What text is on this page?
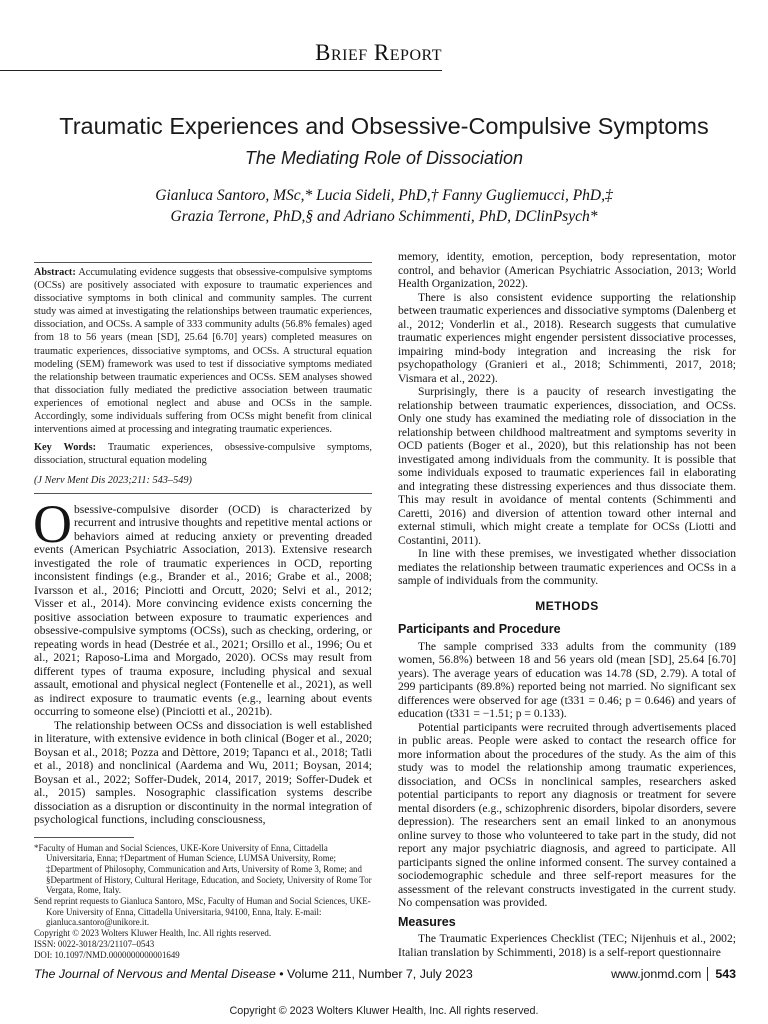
Brief Report
Traumatic Experiences and Obsessive-Compulsive Symptoms
The Mediating Role of Dissociation
Gianluca Santoro, MSc,* Lucia Sideli, PhD,† Fanny Gugliemucci, PhD,‡
Grazia Terrone, PhD,§ and Adriano Schimmenti, PhD, DClinPsych*

Abstract: Accumulating evidence suggests that obsessive-compulsive symptoms (OCSs) are positively associated with exposure to traumatic experiences and dissociative symptoms in both clinical and community samples. The current study was aimed at investigating the relationships between traumatic experiences, dissociation, and OCSs. A sample of 333 community adults (56.8% females) aged from 18 to 56 years (mean [SD], 25.64 [6.70] years) completed measures on traumatic experiences, dissociative symptoms, and OCSs. A structural equation modeling (SEM) framework was used to test if dissociative symptoms mediated the relationship between traumatic experiences and OCSs. SEM analyses showed that dissociation fully mediated the predictive association between traumatic experiences of emotional neglect and abuse and OCSs in the sample. Accordingly, some individuals suffering from OCSs might benefit from clinical interventions aimed at processing and integrating traumatic experiences.

Key Words: Traumatic experiences, obsessive-compulsive symptoms, dissociation, structural equation modeling

(J Nerv Ment Dis 2023;211: 543–549)

Obsessive-compulsive disorder (OCD) is characterized by recurrent and intrusive thoughts and repetitive mental actions or behaviors aimed at reducing anxiety or preventing dreaded events (American Psychiatric Association, 2013). Extensive research investigated the role of traumatic experiences in OCD, reporting inconsistent findings (e.g., Brander et al., 2016; Grabe et al., 2008; Ivarsson et al., 2016; Pinciotti and Orcutt, 2020; Selvi et al., 2012; Visser et al., 2014). More convincing evidence exists concerning the positive association between exposure to traumatic experiences and obsessive-compulsive symptoms (OCSs), such as checking, ordering, or repeating words in head (Destrée et al., 2021; Orsillo et al., 1996; Ou et al., 2021; Raposo-Lima and Morgado, 2020). OCSs may result from different types of trauma exposure, including physical and sexual assault, emotional and physical neglect (Fontenelle et al., 2021), as well as indirect exposure to traumatic events (e.g., learning about events occurring to someone else) (Pinciotti et al., 2021b).

The relationship between OCSs and dissociation is well established in literature, with extensive evidence in both clinical (Boger et al., 2020; Boysan et al., 2018; Pozza and Dèttore, 2019; Tapancı et al., 2018; Tatli et al., 2018) and nonclinical (Aardema and Wu, 2011; Boysan, 2014; Boysan et al., 2022; Soffer-Dudek, 2014, 2017, 2019; Soffer-Dudek et al., 2015) samples. Nosographic classification systems describe dissociation as a disruption or discontinuity in the normal integration of psychological functions, including consciousness,

*Faculty of Human and Social Sciences, UKE-Kore University of Enna, Cittadella Universitaria, Enna; †Department of Human Science, LUMSA University, Rome; ‡Department of Philosophy, Communication and Arts, University of Rome 3, Rome; and §Department of History, Cultural Heritage, Education, and Society, University of Rome Tor Vergata, Rome, Italy.
Send reprint requests to Gianluca Santoro, MSc, Faculty of Human and Social Sciences, UKE-Kore University of Enna, Cittadella Universitaria, 94100, Enna, Italy. E-mail: gianluca.santoro@unikore.it.
Copyright © 2023 Wolters Kluwer Health, Inc. All rights reserved.
ISSN: 0022-3018/23/21107–0543
DOI: 10.1097/NMD.0000000000001649

memory, identity, emotion, perception, body representation, motor control, and behavior (American Psychiatric Association, 2013; World Health Organization, 2022).

There is also consistent evidence supporting the relationship between traumatic experiences and dissociative symptoms (Dalenberg et al., 2012; Vonderlin et al., 2018). Research suggests that cumulative traumatic experiences might engender persistent dissociative processes, impairing mind-body integration and increasing the risk for psychopathology (Granieri et al., 2018; Schimmenti, 2017, 2018; Vismara et al., 2022).

Surprisingly, there is a paucity of research investigating the relationship between traumatic experiences, dissociation, and OCSs. Only one study has examined the mediating role of dissociation in the relationship between childhood maltreatment and symptoms severity in OCD patients (Boger et al., 2020), but this relationship has not been investigated among individuals from the community. It is possible that some individuals exposed to traumatic experiences fail in elaborating and integrating these distressing experiences and thus dissociate them. This may result in avoidance of mental contents (Schimmenti and Caretti, 2016) and diversion of attention toward other internal and external stimuli, which might create a template for OCSs (Liotti and Costantini, 2011).

In line with these premises, we investigated whether dissociation mediates the relationship between traumatic experiences and OCSs in a sample of individuals from the community.

METHODS
Participants and Procedure

The sample comprised 333 adults from the community (189 women, 56.8%) between 18 and 56 years old (mean [SD], 25.64 [6.70] years). The average years of education was 14.78 (SD, 2.79). A total of 299 participants (89.8%) reported being not married. No significant sex differences were observed for age (t331 = 0.46; p = 0.646) and years of education (t331 = −1.51; p = 0.133).

Potential participants were recruited through advertisements placed in public areas. People were asked to contact the research office for more information about the procedures of the study. As the aim of this study was to model the relationship among traumatic experiences, dissociation, and OCSs in nonclinical samples, researchers asked potential participants to report any diagnosis or treatment for severe mental disorders (e.g., schizophrenic disorders, bipolar disorders, severe depression). The researchers sent an email linked to an anonymous online survey to those who volunteered to take part in the study, did not report any major psychiatric diagnosis, and agreed to participate. All participants signed the online informed consent. The survey contained a sociodemographic schedule and three self-report measures for the assessment of the relevant constructs investigated in the current study. No compensation was provided.

Measures

The Traumatic Experiences Checklist (TEC; Nijenhuis et al., 2002; Italian translation by Schimmenti, 2018) is a self-report questionnaire

The Journal of Nervous and Mental Disease • Volume 211, Number 7, July 2023	www.jonmd.com 543
Copyright © 2023 Wolters Kluwer Health, Inc. All rights reserved.
